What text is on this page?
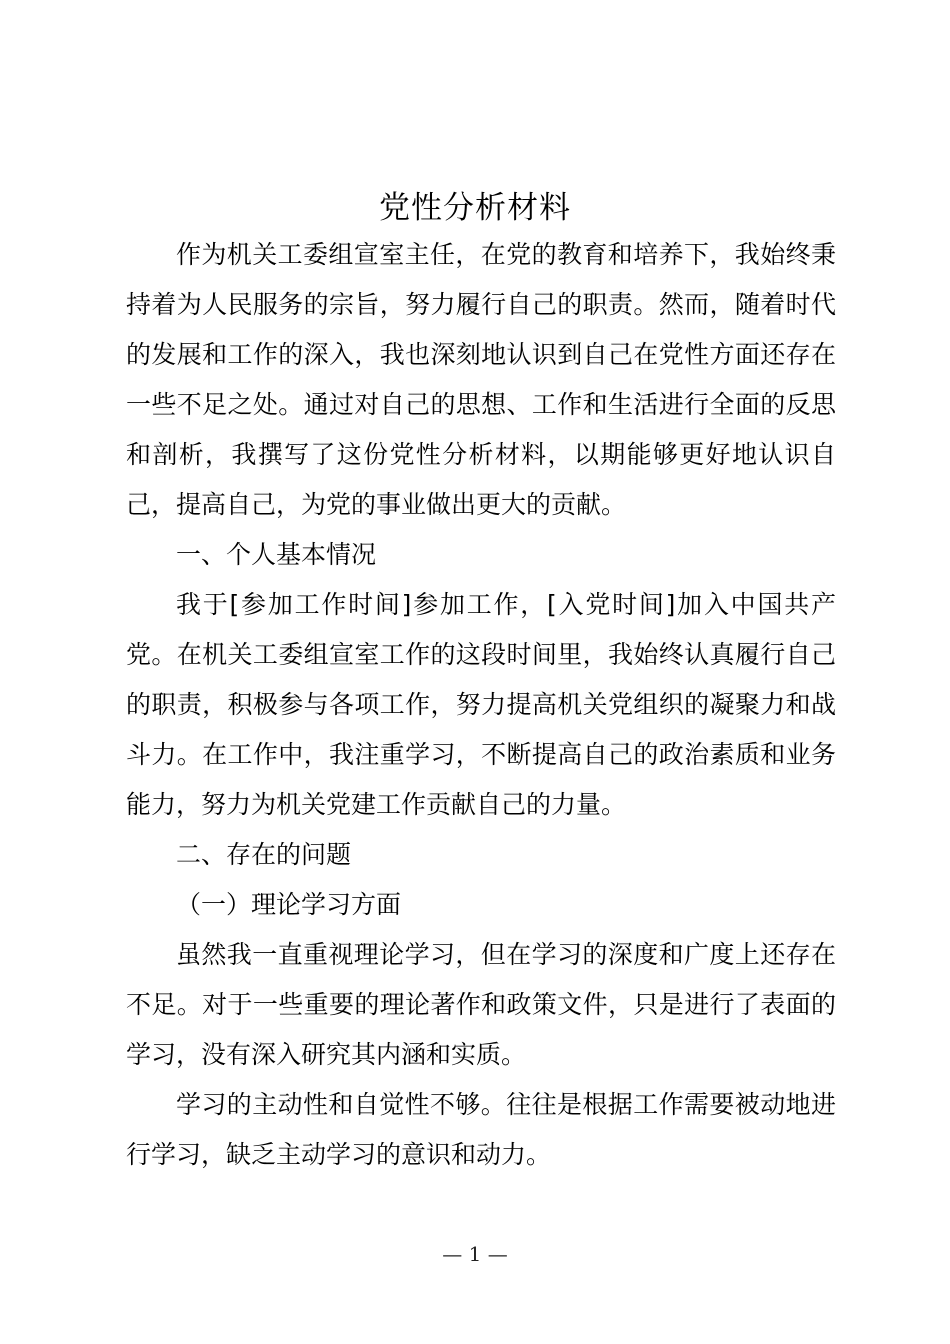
党性分析材料

作为机关工委组宣室主任，在党的教育和培养下，我始终秉持着为人民服务的宗旨，努力履行自己的职责。然而，随着时代的发展和工作的深入，我也深刻地认识到自己在党性方面还存在一些不足之处。通过对自己的思想、工作和生活进行全面的反思和剖析，我撰写了这份党性分析材料，以期能够更好地认识自己，提高自己，为党的事业做出更大的贡献。

一、个人基本情况

我于[参加工作时间]参加工作，[入党时间]加入中国共产党。在机关工委组宣室工作的这段时间里，我始终认真履行自己的职责，积极参与各项工作，努力提高机关党组织的凝聚力和战斗力。在工作中，我注重学习，不断提高自己的政治素质和业务能力，努力为机关党建工作贡献自己的力量。

二、存在的问题

（一）理论学习方面

虽然我一直重视理论学习，但在学习的深度和广度上还存在不足。对于一些重要的理论著作和政策文件，只是进行了表面的学习，没有深入研究其内涵和实质。

学习的主动性和自觉性不够。往往是根据工作需要被动地进行学习，缺乏主动学习的意识和动力。

— 1 —
